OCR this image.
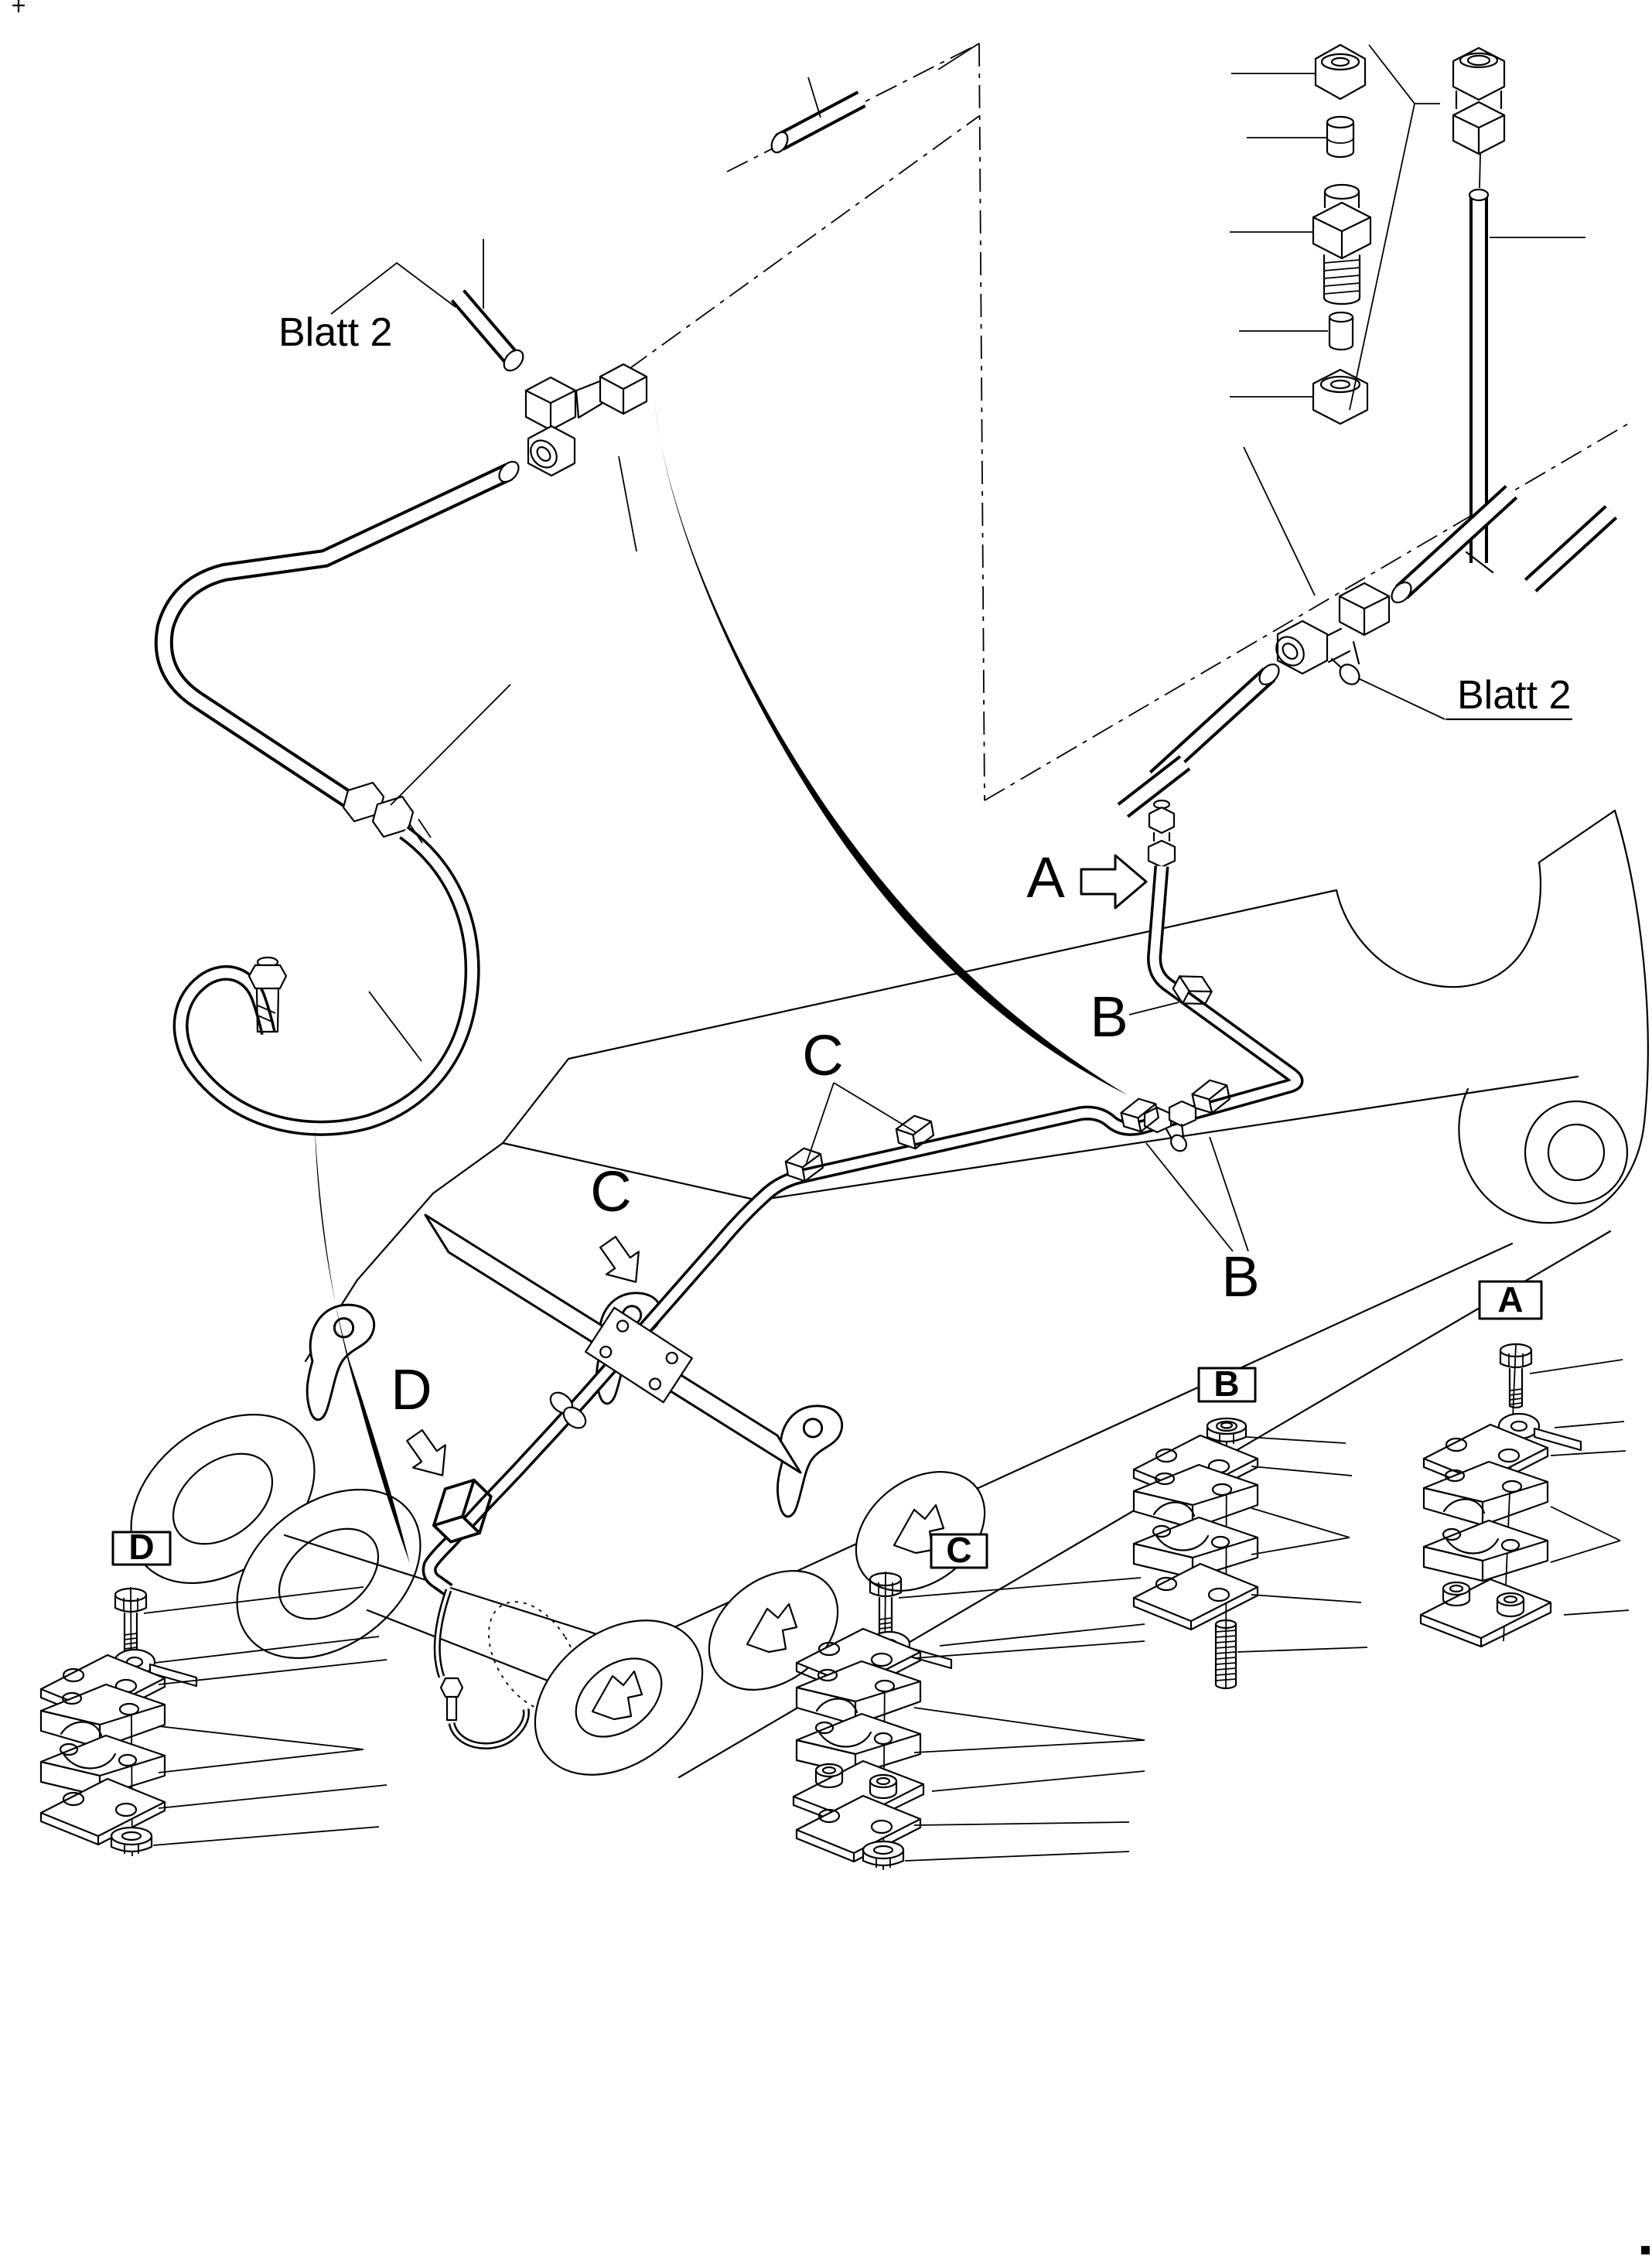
Blatt 2
Blatt 2
A
B
C
B
C
D
D	C
B
A
